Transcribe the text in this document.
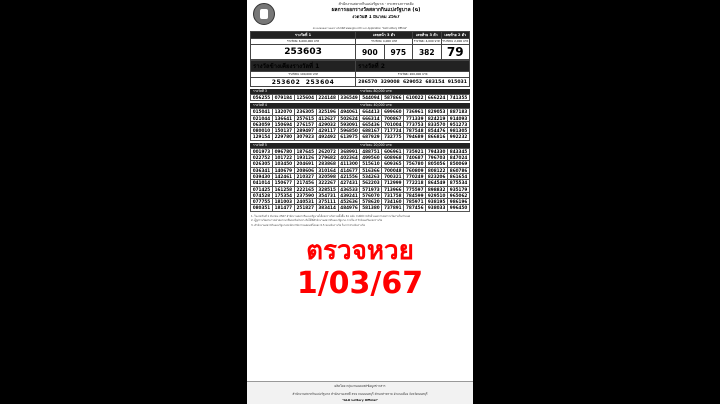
สำนักงานสลากกินแบ่งรัฐบาล · กระทรวงการคลัง
ผลการออกรางวัลสลากกินแบ่งรัฐบาล (ฉ)
งวดวันที่ 1 มีนาคม 2567
ตรวจสอบผลการออกรางวัลได้ที่ www.glo.or.th และ Application "GLO Lottery Official"
รางวัลที่ 1	เลขหน้า 3 ตัว		เลขท้าย 3 ตัว	เลขท้าย 2 ตัว
รางวัลละ 6,000,000 บาท	รางวัลละ 4,000 บาท		รางวัลละ 4,000 บาท	รางวัลละ 2,000 บาท
253603	900	975	382	79
รางวัลข้างเคียงรางวัลที่ 1	รางวัลที่ 2
รางวัลละ 100,000 บาท	รางวัลละ 200,000 บาท
253602 253604	286570 329008 629052 683154 915031
รางวัลที่ 3	รางวัลละ 80,000 บาท
056255	079184	125604	224148	336549	544094	587866	610022	666224	741355
รางวัลที่ 4	รางวัลละ 40,000 บาท
015041	132070	236305	325196	494061	664413	699660	736961	829053	887183
021044	136641	257615	412627	502624	666314	700867	771339	824219	914093
063059	150694	276157	429032	593091	665436	701004	773753	833570	951273
080010	150137	289497	429117	596850	688167	717724	787548	854476	981305
129154	229780	307923	492492	613975	687929	732775	794689	866816	992232
รางวัลที่ 5	รางวัลละ 20,000 บาท
001973	096780	187645	262072	368991	488751	606961	735921	794330	843345
022752	101722	193126	279682	402364	499560	608968	740687	796703	847024
026305	103450	204691	283868	411300	515610	609365	756780	805056	850069
036341	140679	208606	310164	414677	516366	700048	760809	808122	860786
039430	142461	210327	320598	421556	534263	700321	770249	823206	861654
041014	150677	217456	322267	427431	562203	712999	772218	864549	875534
071425	161258	222165	328515	436533	571973	713966	775597	898832	935179
074528	175354	237590	354731	439241	576070	731758	784599	929510	965062
077755	181003	240531	375111	452636	578620	734160	785971	938195	986196
080351	181477	251827	383414	484976	581380	737891	787456	938033	996450

1. ในงวดวันที่ 1 มีนาคม 2567 สำนักงานสลากกินแบ่งรัฐบาลได้ออกรางวัลรวมทั้งสิ้น 61 ฉบับ กรณีมีการทักท้วงผลการออกรางวัลภายในกำหนด

2. ผู้ถูกรางวัลสามารถนำสลากมายื่นขอรับเงินรางวัลได้ที่สำนักงานสลากกินแบ่งรัฐบาล ภายใน 2 ปี นับแต่วันออกรางวัล

3. สำนักงานสลากกินแบ่งรัฐบาลจะหักภาษีอากรแสตมป์ร้อยละ 0.5 ของเงินรางวัล ในการจ่ายเงินรางวัล

ผลิตโดย กลุ่มงานเผยแพร่ข้อมูลข่าวสาร
สำนักงานสลากกินแบ่งรัฐบาล สำนักงานเลขที่ 359 ถนนนนทบุรี ตำบลท่าทราย อำเภอเมือง จังหวัดนนทบุรี
"GLO Lottery Official"
ตรวจหวย
1/03/67
